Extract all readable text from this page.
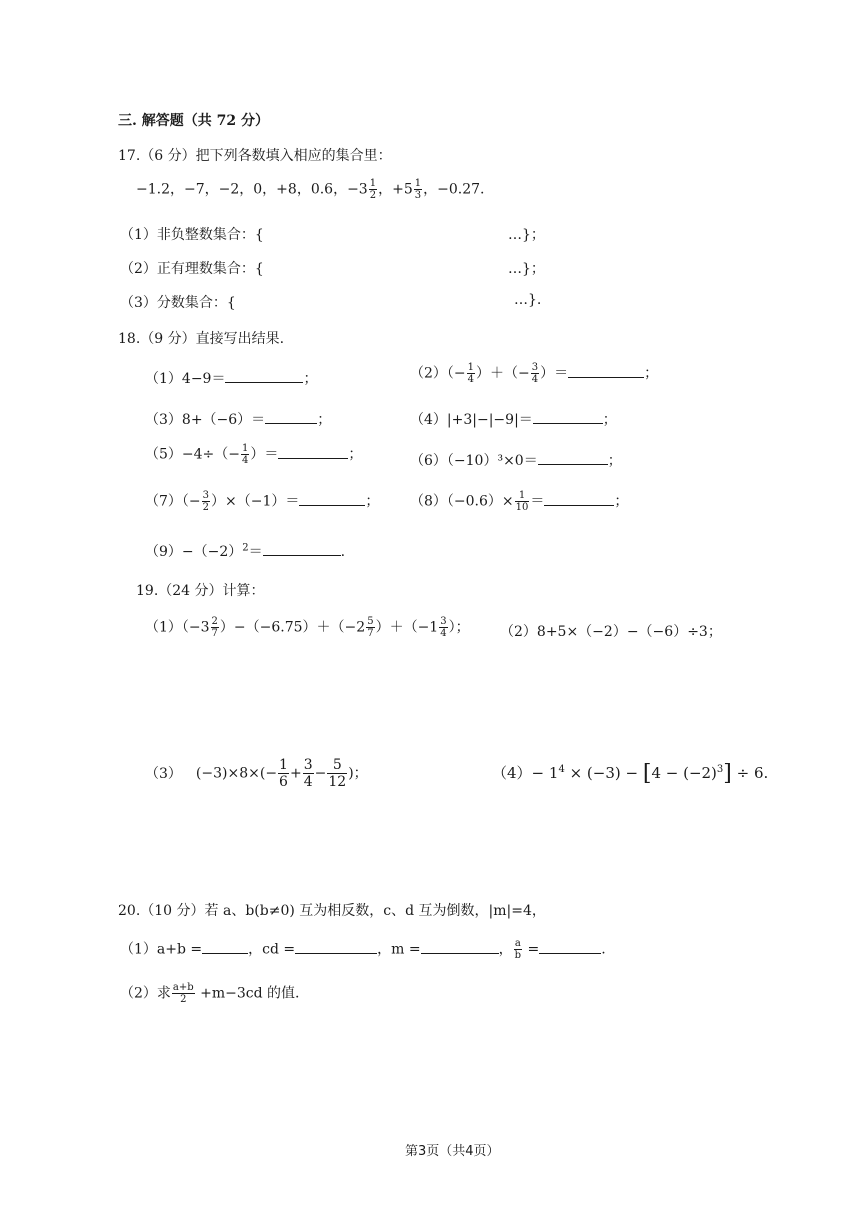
三. 解答题（共 72 分）
17.（6 分）把下列各数填入相应的集合里：
−1.2，−7，−2，0，+8，0.6，$-3 \frac{1}{2}$ ，$+5 \frac{1}{3}$ ，−0.27.
（1）非负整数集合：{	…}；
（2）正有理数集合：{	…}；
（3）分数集合：{	…}.
18.（9 分）直接写出结果.
（1）4−9＝	；	$(2)(- \frac{1}{4}$ ）＋（− $\frac{3}{4}$ ）＝	；
（3）8+（−6）＝	；	（4）|+3|−|−9|＝	；
$(5)-4\div(- \frac{1}{4}$ ）＝	；	（6）（−10）³×0＝	；
$(7)(- \frac{3}{2} )\times(-1)=$	； $(8)(-0.6)\times \frac{1}{10}$ ＝	；
$(9)-(-2)^2=$	.
19.（24 分）计算：
$(1)(-3 \frac{2}{7} )-(-6.75)+(-2 \frac{5}{7} )+(-1 \frac{3}{4}$ ）； （2）8+5×（−2）−（−6）÷3；
（3） $(-3)\times 8\times(- \frac{1}{6} + \frac{3}{4} - \frac{5}{12}$ )；	$(4)- 1^4 \times (-3) - [4 - (-2)^3] \div 6$.
20.（10 分）若 a、b(b≠0) 互为相反数，c、d 互为倒数，|m|=4，
（1）a+b =	，cd =	，m =	， $\frac{a}{b}$ =	.
（2）求 $\frac{a+b}{2} +m-3cd$ 的值.
第3页（共4页）
